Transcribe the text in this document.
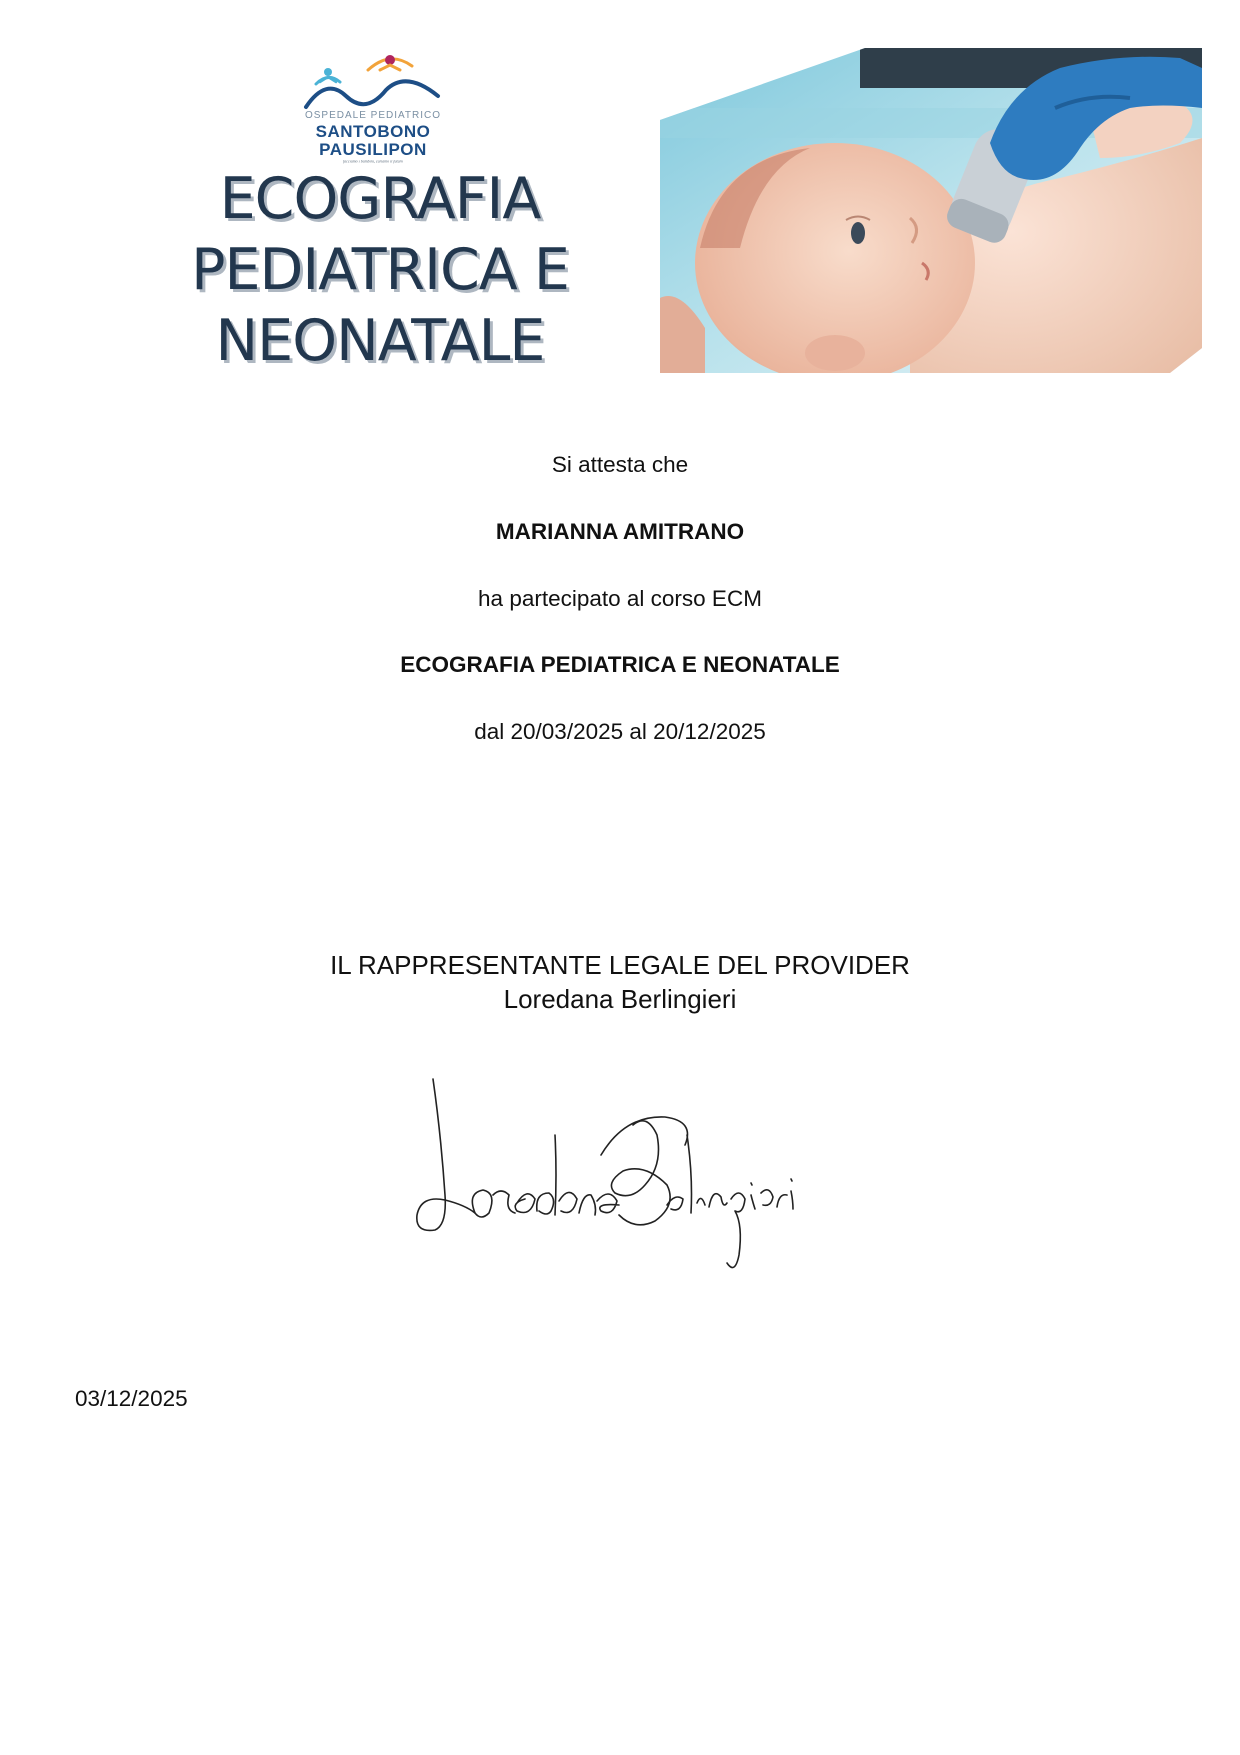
OSPEDALE PEDIATRICO
SANTOBONO
PAUSILIPON
facciamo i bambini, curiamo il futuro
ECOGRAFIA
PEDIATRICA E
NEONATALE
Si attesta che
MARIANNA AMITRANO
ha partecipato al corso ECM
ECOGRAFIA PEDIATRICA E NEONATALE
dal 20/03/2025 al 20/12/2025
IL RAPPRESENTANTE LEGALE DEL PROVIDER
Loredana Berlingieri
03/12/2025
